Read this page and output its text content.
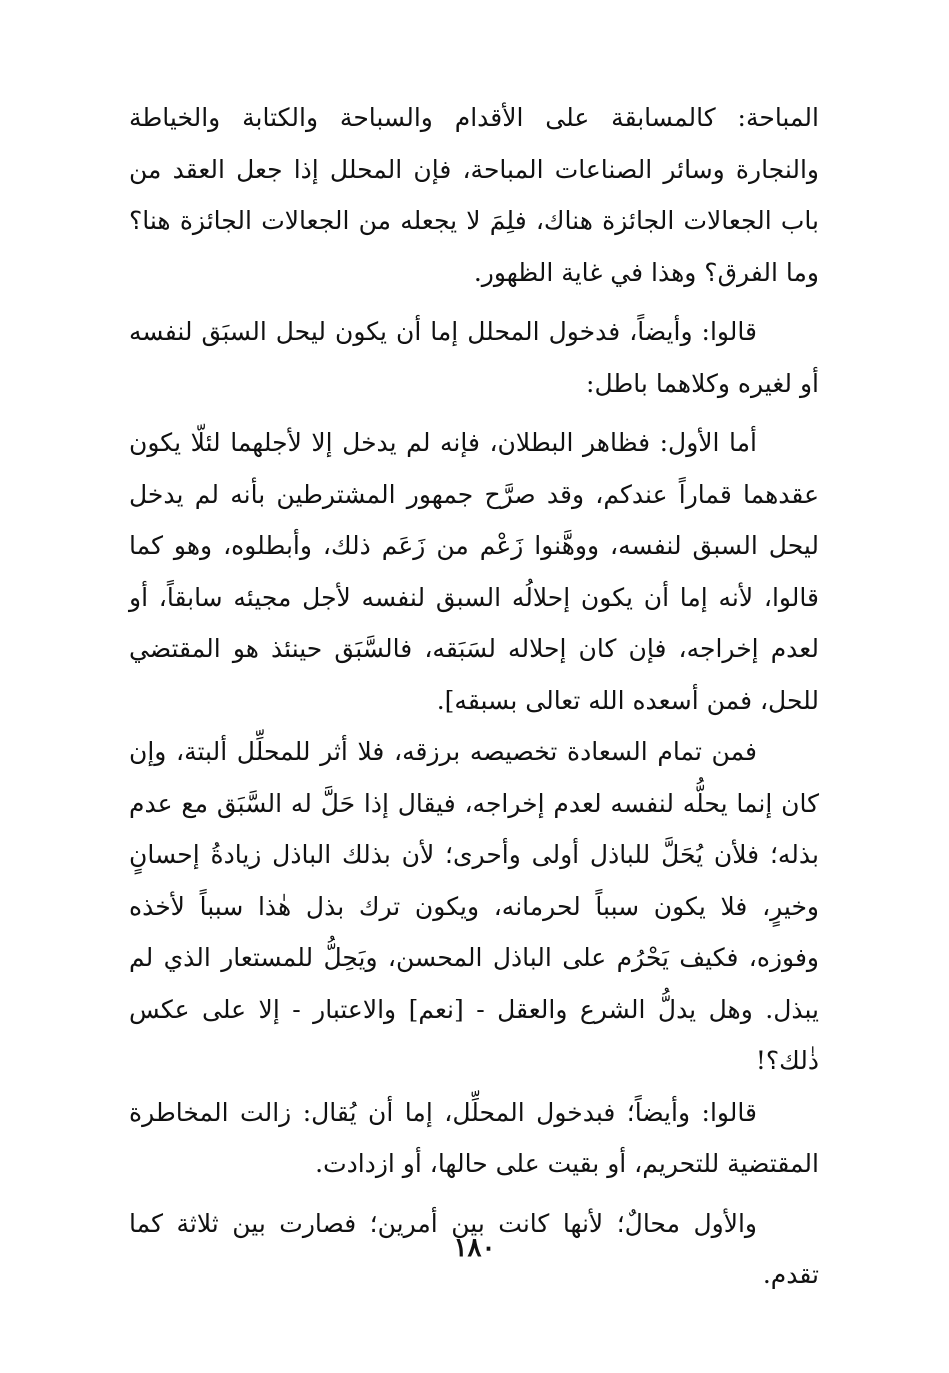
المباحة: كالمسابقة على الأقدام والسباحة والكتابة والخياطة والنجارة وسائر الصناعات المباحة، فإن المحلل إذا جعل العقد من باب الجعالات الجائزة هناك، فلِمَ لا يجعله من الجعالات الجائزة هنا؟ وما الفرق؟ وهذا في غاية الظهور.

قالوا: وأيضاً، فدخول المحلل إما أن يكون ليحل السبَق لنفسه أو لغيره وكلاهما باطل:

أما الأول: فظاهر البطلان، فإنه لم يدخل إلا لأجلهما لئلّا يكون عقدهما قماراً عندكم، وقد صرَّح جمهور المشترطين بأنه لم يدخل ليحل السبق لنفسه، ووهَّنوا زَعْم من زَعَم ذلك، وأبطلوه، وهو كما قالوا، لأنه إما أن يكون إحلالُه السبق لنفسه لأجل مجيئه سابقاً، أو لعدم إخراجه، فإن كان إحلاله لسَبَقه، فالسَّبَق حينئذ هو المقتضي للحل، فمن أسعده الله تعالى بسبقه].

فمن تمام السعادة تخصيصه برزقه، فلا أثر للمحلِّل ألبتة، وإن كان إنما يحلُّه لنفسه لعدم إخراجه، فيقال إذا حَلَّ له السَّبَق مع عدم بذله؛ فلأن يُحَلَّ للباذل أولى وأحرى؛ لأن بذلك الباذل زيادةُ إحسانٍ وخيرٍ، فلا يكون سبباً لحرمانه، ويكون ترك بذل هٰذا سبباً لأخذه وفوزه، فكيف يَحْرُم على الباذل المحسن، ويَحِلُّ للمستعار الذي لم يبذل. وهل يدلُّ الشرع والعقل - [نعم] والاعتبار - إلا على عكس ذٰلك؟!

قالوا: وأيضاً؛ فبدخول المحلِّل، إما أن يُقال: زالت المخاطرة المقتضية للتحريم، أو بقيت على حالها، أو ازدادت.

والأول محالٌ؛ لأنها كانت بين أمرين؛ فصارت بين ثلاثة كما تقدم.

١٨٠
